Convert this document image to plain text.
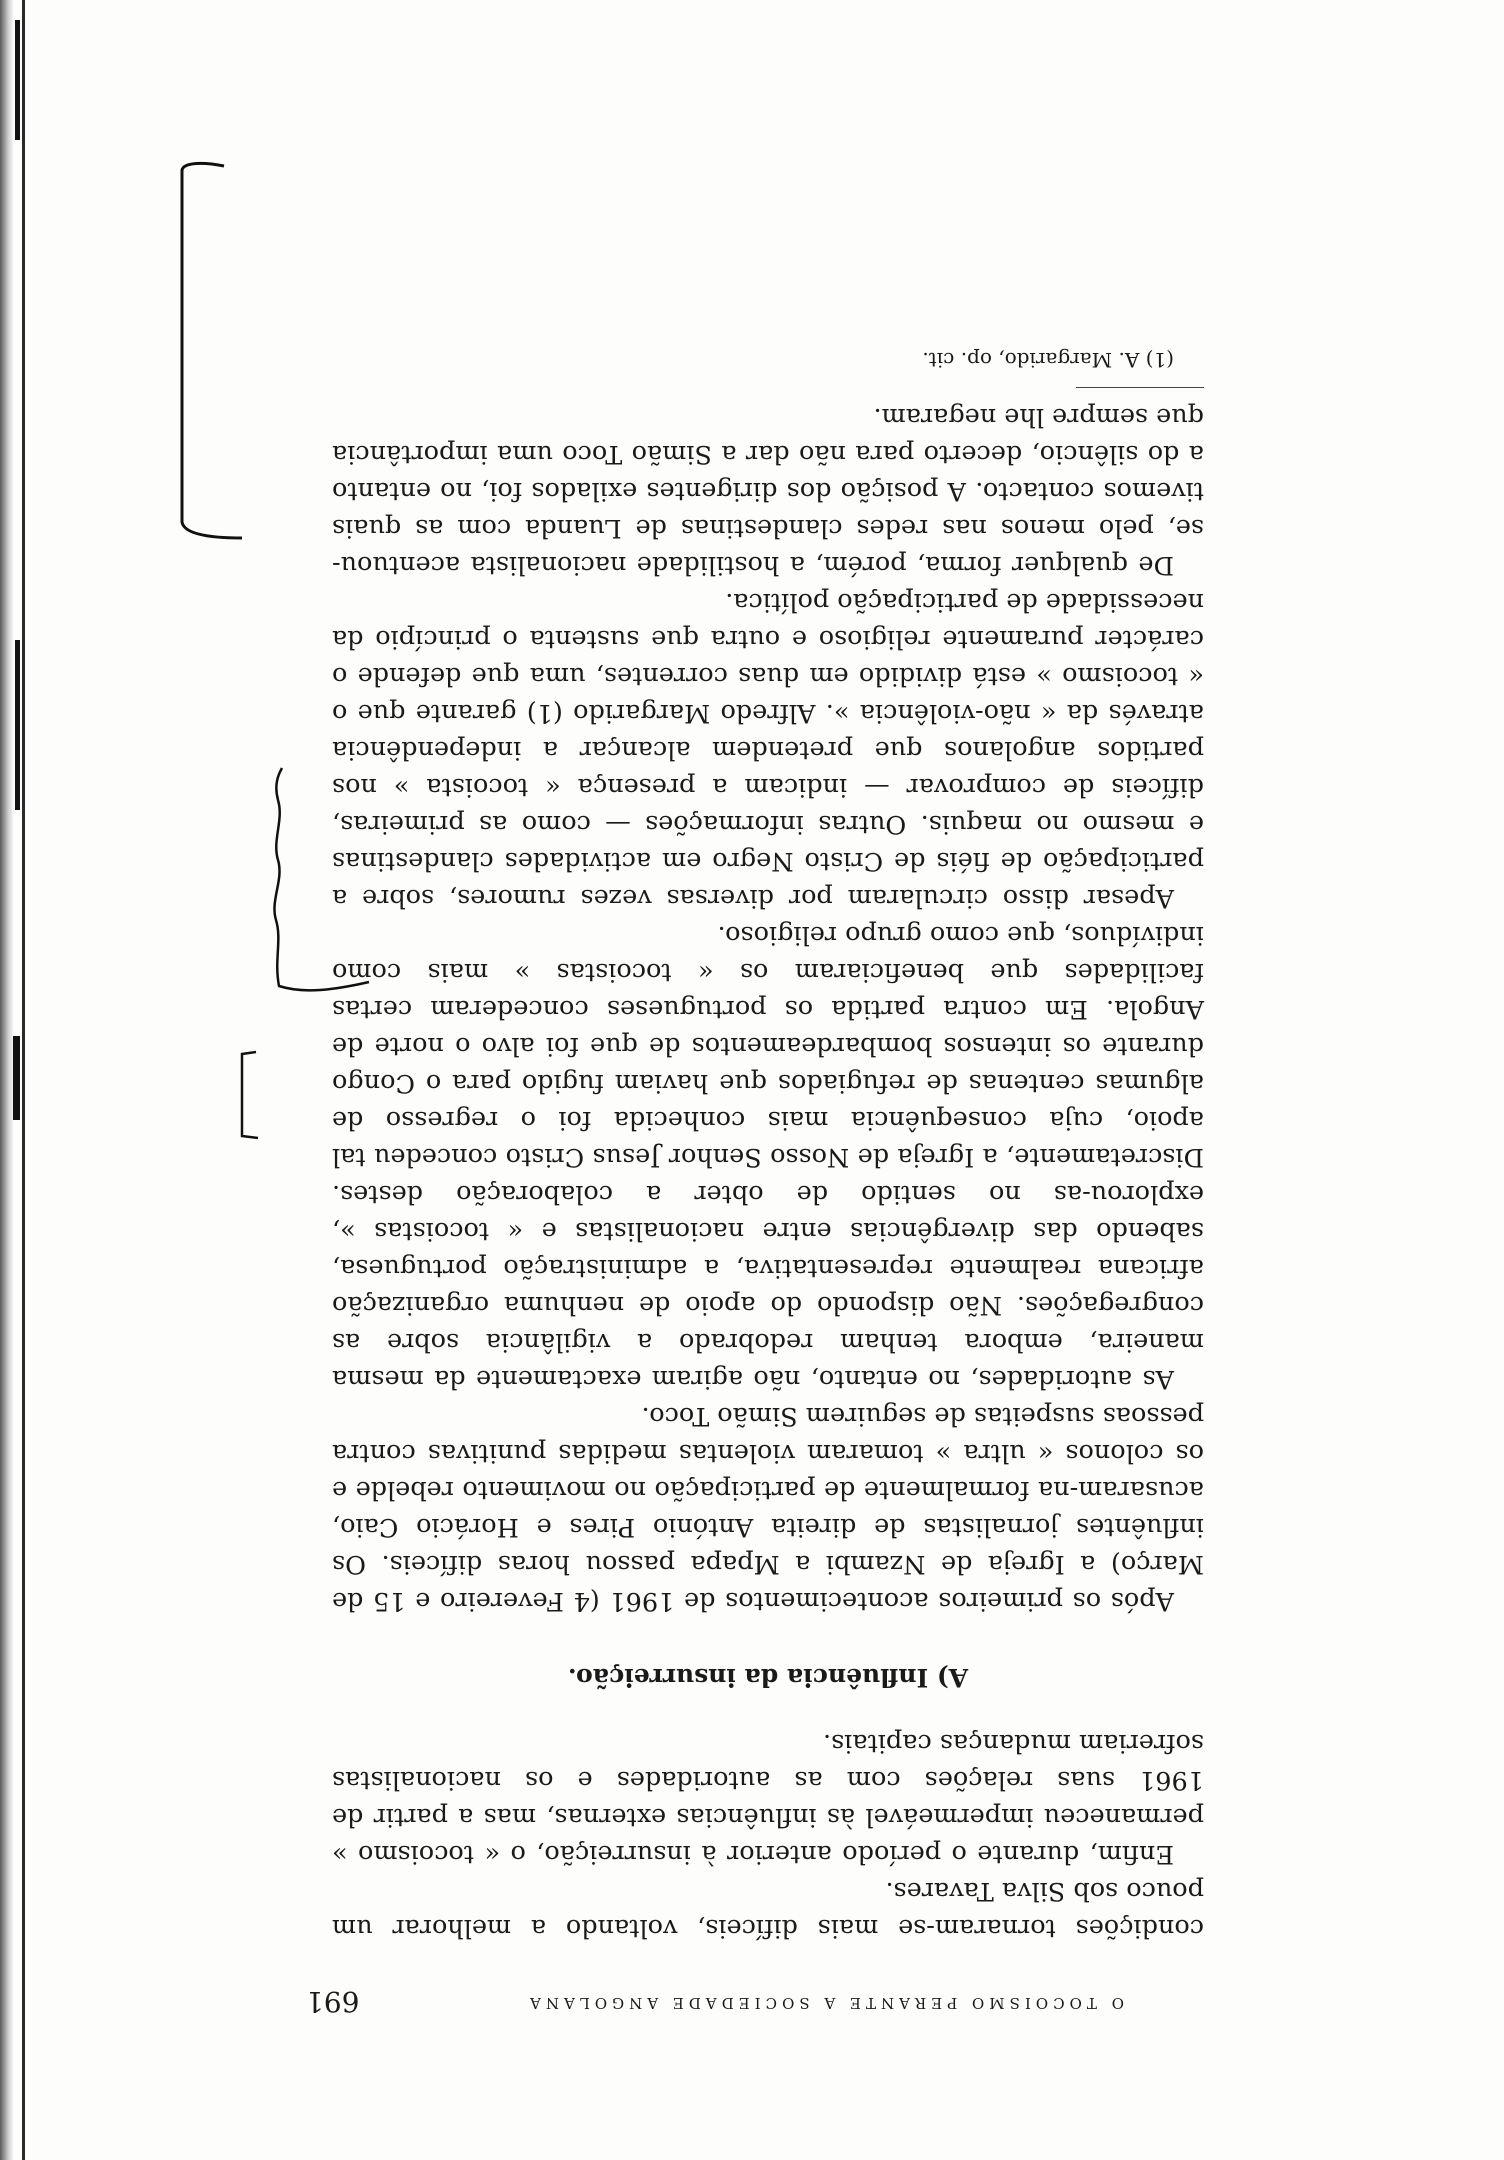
O TOCOISMO PERANTE A SOCIEDADE ANGOLANA
691

condições tornaram-se mais difíceis, voltando a melhorar um pouco sob Silva Tavares.

Enfim, durante o período anterior à insurreição, o « tocoismo » permaneceu impermeável às influências externas, mas a partir de 1961 suas relações com as autoridades e os nacionalistas sofreriam mudanças capitais.

A) Influência da insurreição.

Após os primeiros acontecimentos de 1961 (4 Fevereiro e 15 de Março) a Igreja de Nzambi a Mpapa passou horas difíceis. Os influêntes jornalistas de direita António Pires e Horácio Caio, acusaram-na formalmente de participação no movimento rebelde e os colonos « ultra » tomaram violentas medidas punitivas contra pessoas suspeitas de seguirem Simão Toco.

As autoridades, no entanto, não agiram exactamente da mesma maneira, embora tenham redobrado a vigilância sobre as congregações. Não dispondo do apoio de nenhuma organização africana realmente representativa, a administração portuguesa, sabendo das divergências entre nacionalistas e « tocoistas », explorou-as no sentido de obter a colaboração destes. Discretamente, a Igreja de Nosso Senhor Jesus Cristo concedeu tal apoio, cuja consequência mais conhecida foi o regresso de algumas centenas de refugiados que haviam fugido para o Congo durante os intensos bombardeamentos de que foi alvo o norte de Angola. Em contra partida os portugueses concederam certas facilidades que beneficiaram os « tocoistas » mais como indivíduos, que como grupo religioso.

Apesar disso circularam por diversas vezes rumores, sobre a participação de fiéis de Cristo Negro em actividades clandestinas e mesmo no maquis. Outras informações — como as primeiras, difíceis de comprovar — indicam a presença « tocoista » nos partidos angolanos que pretendem alcançar a independência através da « não-violência ». Alfredo Margarido (1) garante que o « tocoismo » está dividido em duas correntes, uma que defende o carácter puramente religioso e outra que sustenta o princípio da necessidade de participação política.

De qualquer forma, porém, a hostilidade nacionalista acentuou-se, pelo menos nas redes clandestinas de Luanda com as quais tivemos contacto. A posição dos dirigentes exilados foi, no entanto a do silêncio, decerto para não dar a Simão Toco uma importância que sempre lhe negaram.

(1) A. Margarido, op. cit.
